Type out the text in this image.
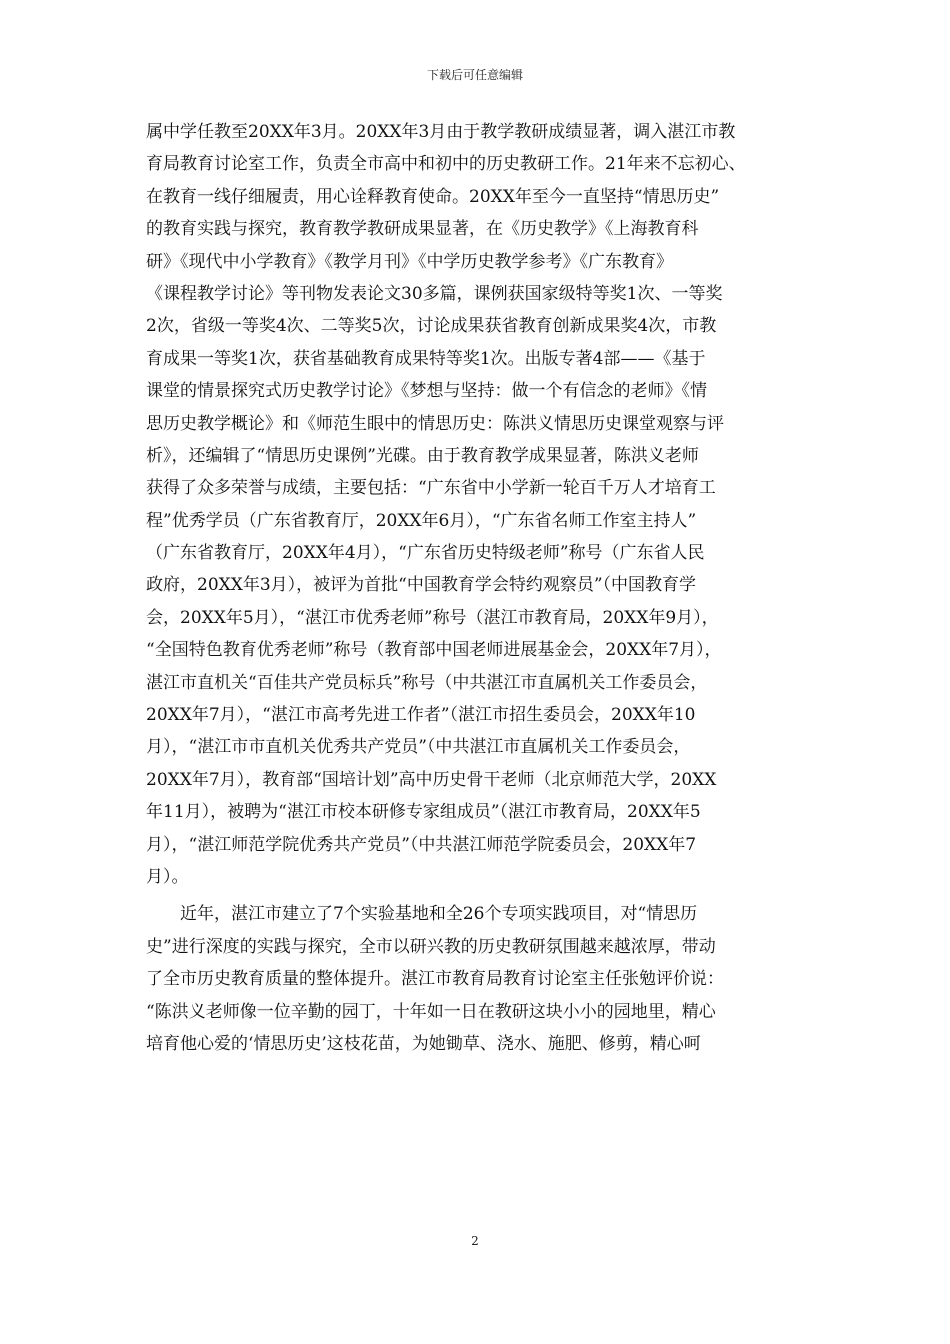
下载后可任意编辑
属中学任教至20XX年3月。20XX年3月由于教学教研成绩显著，调入湛江市教
育局教育讨论室工作，负责全市高中和初中的历史教研工作。21年来不忘初心、
在教育一线仔细履责，用心诠释教育使命。20XX年至今一直坚持“情思历史”
的教育实践与探究，教育教学教研成果显著，在《历史教学》《上海教育科
研》《现代中小学教育》《教学月刊》《中学历史教学参考》《广东教育》
《课程教学讨论》等刊物发表论文30多篇，课例获国家级特等奖1次、一等奖
2次，省级一等奖4次、二等奖5次，讨论成果获省教育创新成果奖4次，市教
育成果一等奖1次，获省基础教育成果特等奖1次。出版专著4部——《基于
课堂的情景探究式历史教学讨论》《梦想与坚持：做一个有信念的老师》《情
思历史教学概论》和《师范生眼中的情思历史：陈洪义情思历史课堂观察与评
析》，还编辑了“情思历史课例”光碟。由于教育教学成果显著，陈洪义老师
获得了众多荣誉与成绩，主要包括：“广东省中小学新一轮百千万人才培育工
程”优秀学员（广东省教育厅，20XX年6月），“广东省名师工作室主持人”
（广东省教育厅，20XX年4月），“广东省历史特级老师”称号（广东省人民
政府，20XX年3月），被评为首批“中国教育学会特约观察员”（中国教育学
会，20XX年5月），“湛江市优秀老师”称号（湛江市教育局，20XX年9月），
“全国特色教育优秀老师”称号（教育部中国老师进展基金会，20XX年7月），
湛江市直机关“百佳共产党员标兵”称号（中共湛江市直属机关工作委员会，
20XX年7月），“湛江市高考先进工作者”（湛江市招生委员会，20XX年10
月），“湛江市市直机关优秀共产党员”（中共湛江市直属机关工作委员会，
20XX年7月），教育部“国培计划”高中历史骨干老师（北京师范大学，20XX
年11月），被聘为“湛江市校本研修专家组成员”（湛江市教育局，20XX年5
月），“湛江师范学院优秀共产党员”（中共湛江师范学院委员会，20XX年7
月）。
　　近年，湛江市建立了7个实验基地和全26个专项实践项目，对“情思历
史”进行深度的实践与探究，全市以研兴教的历史教研氛围越来越浓厚，带动
了全市历史教育质量的整体提升。湛江市教育局教育讨论室主任张勉评价说：
“陈洪义老师像一位辛勤的园丁，十年如一日在教研这块小小的园地里，精心
培育他心爱的‘情思历史’这枝花苗，为她锄草、浇水、施肥、修剪，精心呵
2
